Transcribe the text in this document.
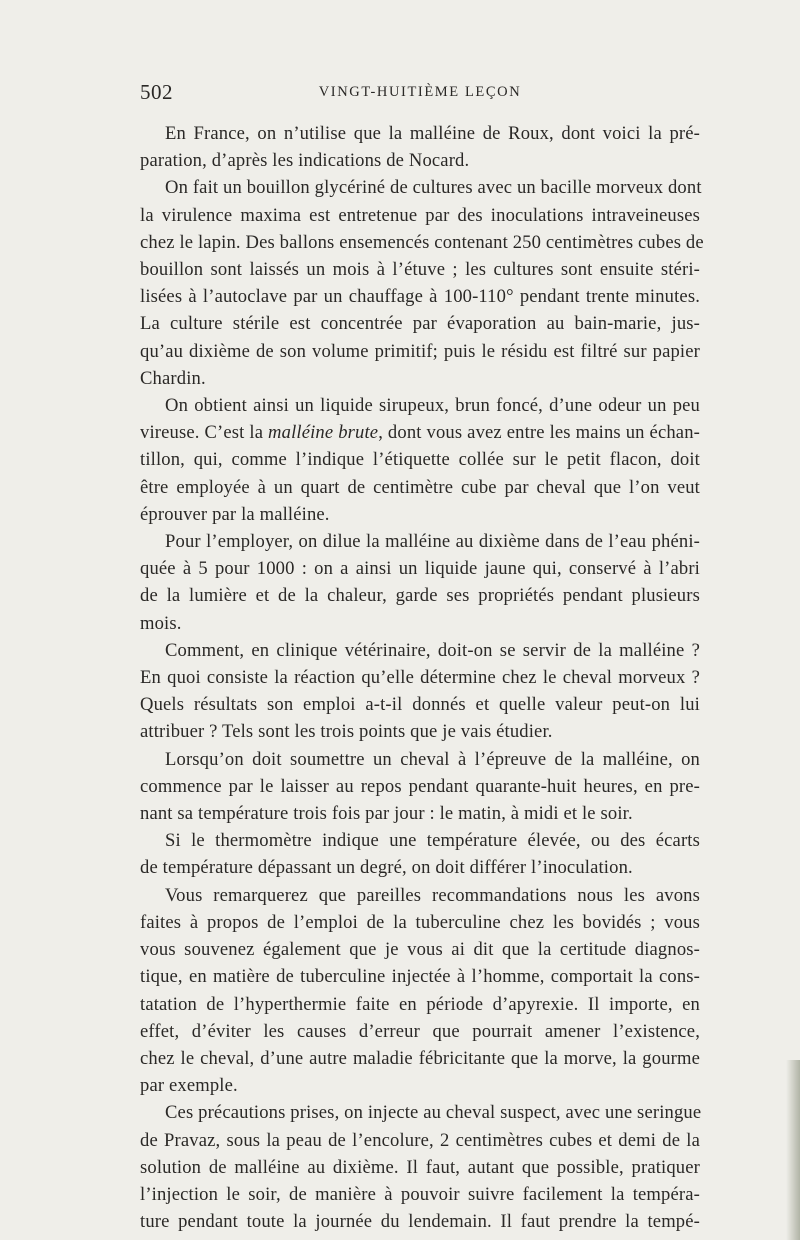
502	VINGT-HUITIÈME LEÇON
En France, on n’utilise que la malléine de Roux, dont voici la pré-
paration, d’après les indications de Nocard.
On fait un bouillon glycériné de cultures avec un bacille morveux dont
la virulence maxima est entretenue par des inoculations intraveineuses
chez le lapin. Des ballons ensemencés contenant 250 centimètres cubes de
bouillon sont laissés un mois à l’étuve ; les cultures sont ensuite stéri-
lisées à l’autoclave par un chauffage à 100-110° pendant trente minutes.
La culture stérile est concentrée par évaporation au bain-marie, jus-
qu’au dixième de son volume primitif; puis le résidu est filtré sur papier
Chardin.
On obtient ainsi un liquide sirupeux, brun foncé, d’une odeur un peu
vireuse. C’est la malléine brute, dont vous avez entre les mains un échan-
tillon, qui, comme l’indique l’étiquette collée sur le petit flacon, doit
être employée à un quart de centimètre cube par cheval que l’on veut
éprouver par la malléine.
Pour l’employer, on dilue la malléine au dixième dans de l’eau phéni-
quée à 5 pour 1000 : on a ainsi un liquide jaune qui, conservé à l’abri
de la lumière et de la chaleur, garde ses propriétés pendant plusieurs
mois.
Comment, en clinique vétérinaire, doit-on se servir de la malléine ?
En quoi consiste la réaction qu’elle détermine chez le cheval morveux ?
Quels résultats son emploi a-t-il donnés et quelle valeur peut-on lui
attribuer ? Tels sont les trois points que je vais étudier.
Lorsqu’on doit soumettre un cheval à l’épreuve de la malléine, on
commence par le laisser au repos pendant quarante-huit heures, en pre-
nant sa température trois fois par jour : le matin, à midi et le soir.
Si le thermomètre indique une température élevée, ou des écarts
de température dépassant un degré, on doit différer l’inoculation.
Vous remarquerez que pareilles recommandations nous les avons
faites à propos de l’emploi de la tuberculine chez les bovidés ; vous
vous souvenez également que je vous ai dit que la certitude diagnos-
tique, en matière de tuberculine injectée à l’homme, comportait la cons-
tatation de l’hyperthermie faite en période d’apyrexie. Il importe, en
effet, d’éviter les causes d’erreur que pourrait amener l’existence,
chez le cheval, d’une autre maladie fébricitante que la morve, la gourme
par exemple.
Ces précautions prises, on injecte au cheval suspect, avec une seringue
de Pravaz, sous la peau de l’encolure, 2 centimètres cubes et demi de la
solution de malléine au dixième. Il faut, autant que possible, pratiquer
l’injection le soir, de manière à pouvoir suivre facilement la tempéra-
ture pendant toute la journée du lendemain. Il faut prendre la tempé-
